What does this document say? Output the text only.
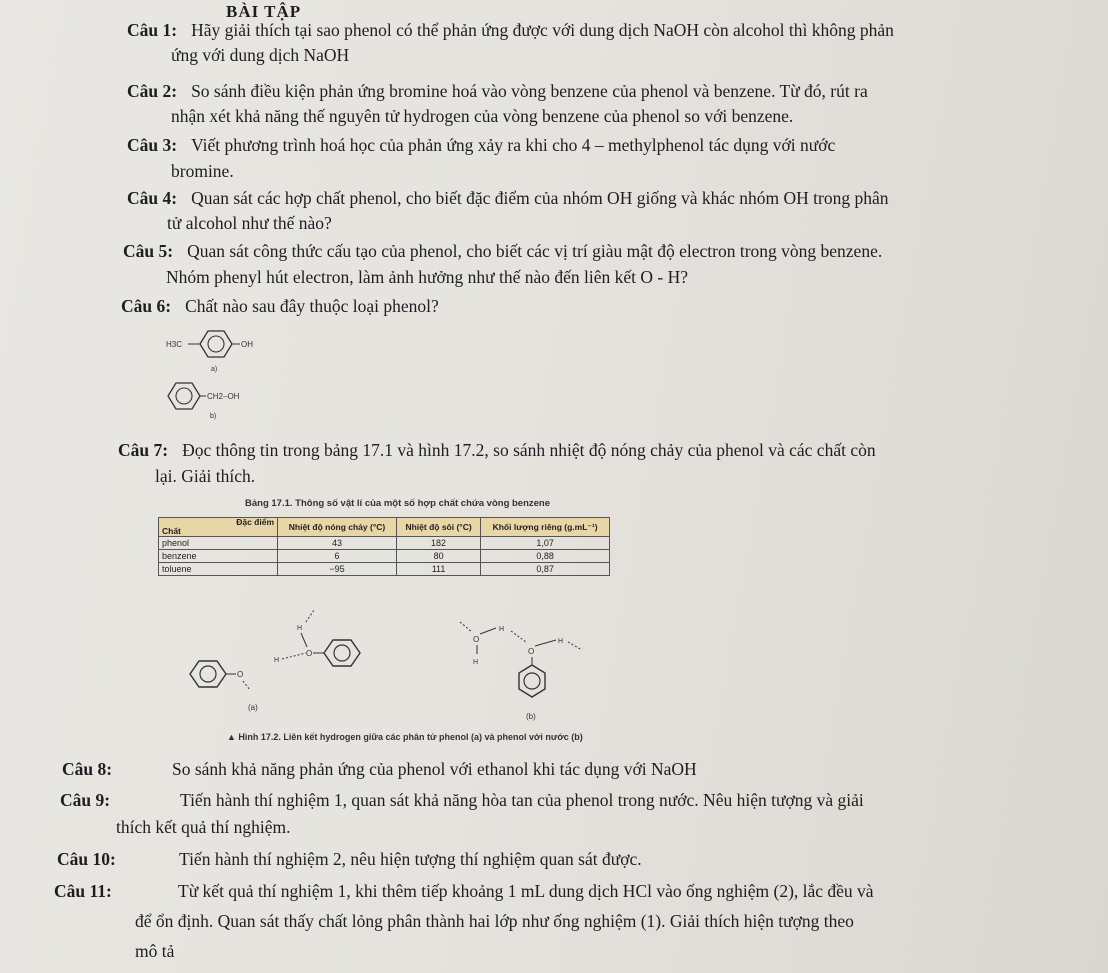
BÀI TẬP
Câu 1: Hãy giải thích tại sao phenol có thể phản ứng được với dung dịch NaOH còn alcohol thì không phản
ứng với dung dịch NaOH
Câu 2: So sánh điều kiện phản ứng bromine hoá vào vòng benzene của phenol và benzene. Từ đó, rút ra
nhận xét khả năng thế nguyên tử hydrogen của vòng benzene của phenol so với benzene.
Câu 3: Viết phương trình hoá học của phản ứng xảy ra khi cho 4 – methylphenol tác dụng với nước
bromine.
Câu 4: Quan sát các hợp chất phenol, cho biết đặc điểm của nhóm OH giống và khác nhóm OH trong phân
tử alcohol như thế nào?
Câu 5: Quan sát công thức cấu tạo của phenol, cho biết các vị trí giàu mật độ electron trong vòng benzene.
Nhóm phenyl hút electron, làm ảnh hưởng như thế nào đến liên kết O - H?
Câu 6: Chất nào sau đây thuộc loại phenol?
H3C	OH
a)
CH2–OH
b)
Câu 7: Đọc thông tin trong bảng 17.1 và hình 17.2, so sánh nhiệt độ nóng chảy của phenol và các chất còn
lại. Giải thích.
Bảng 17.1. Thông số vật lí của một số hợp chất chứa vòng benzene
Đặc điểm
Chất	Nhiệt độ nóng chảy (°C)	Nhiệt độ sôi (°C)	Khối lượng riêng (g.mL⁻¹)
phenol	43	182	1,07
benzene	6	80	0,88
toluene	−95	111	0,87
O
H
H
O
(a)
O
H
H
O
H
(b)
▲ Hình 17.2. Liên kết hydrogen giữa các phân tử phenol (a) và phenol với nước (b)
Câu 8:	So sánh khả năng phản ứng của phenol với ethanol khi tác dụng với NaOH
Câu 9:	Tiến hành thí nghiệm 1, quan sát khả năng hòa tan của phenol trong nước. Nêu hiện tượng và giải
thích kết quả thí nghiệm.
Câu 10:	Tiến hành thí nghiệm 2, nêu hiện tượng thí nghiệm quan sát được.
Câu 11:	Từ kết quả thí nghiệm 1, khi thêm tiếp khoảng 1 mL dung dịch HCl vào ống nghiệm (2), lắc đều và
để ổn định. Quan sát thấy chất lỏng phân thành hai lớp như ống nghiệm (1). Giải thích hiện tượng theo
mô tả
